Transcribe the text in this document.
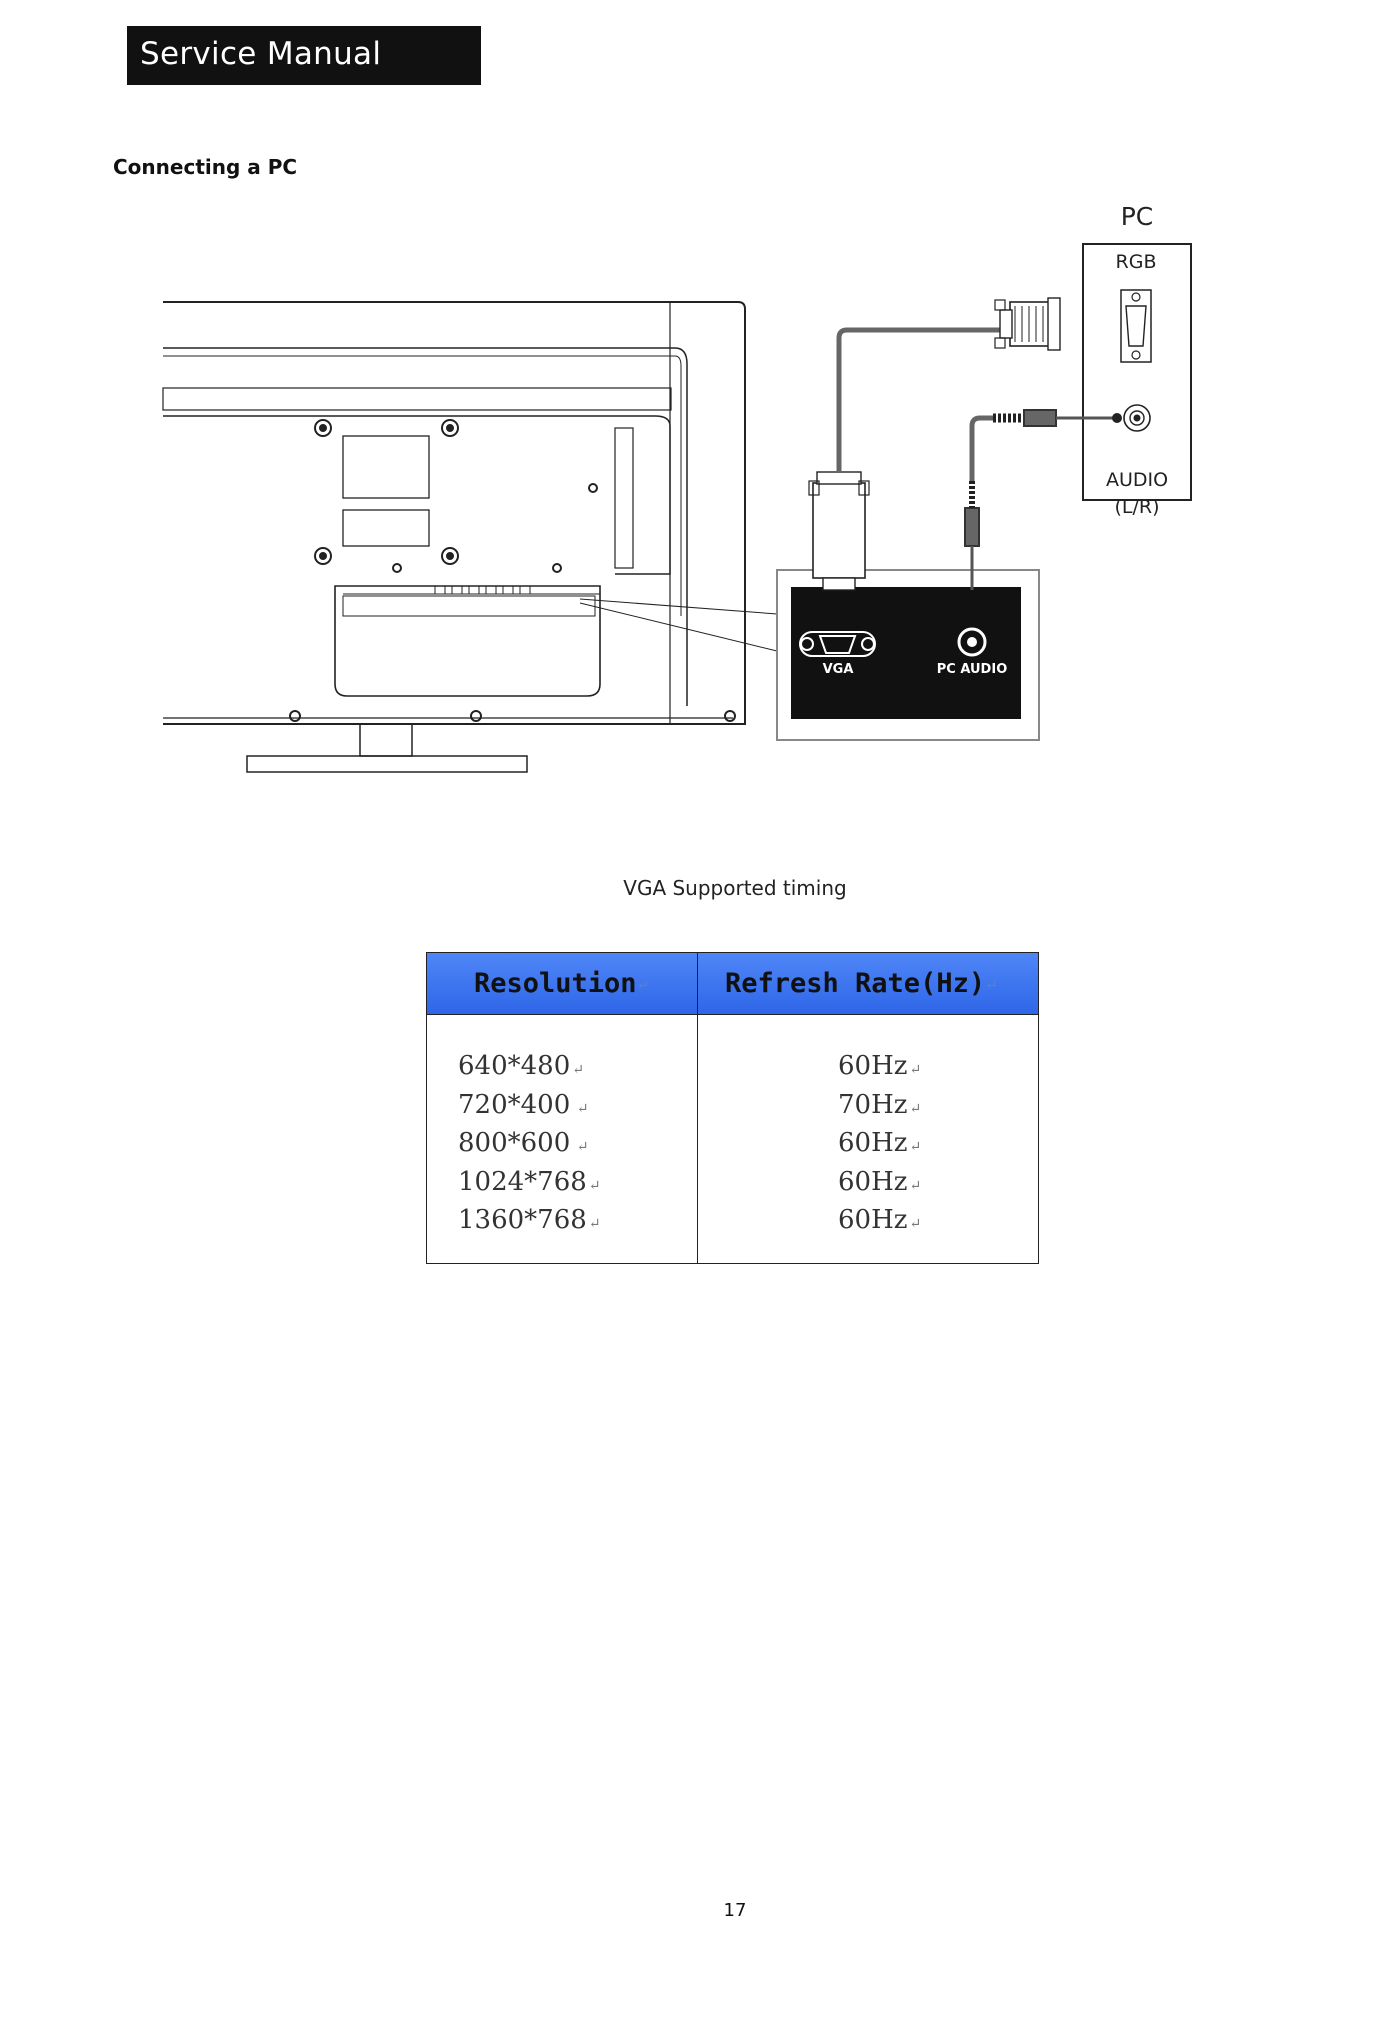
Service Manual
Connecting a PC
PC
RGB
AUDIO
(L/R)
VGA	PC AUDIO
VGA Supported timing
Resolution ↵	Refresh Rate(Hz) ↵
640*480 ↵
720*400 ↵
800*600 ↵
1024*768 ↵
1360*768 ↵
60Hz ↵
70Hz ↵
60Hz ↵
60Hz ↵
60Hz ↵
17
